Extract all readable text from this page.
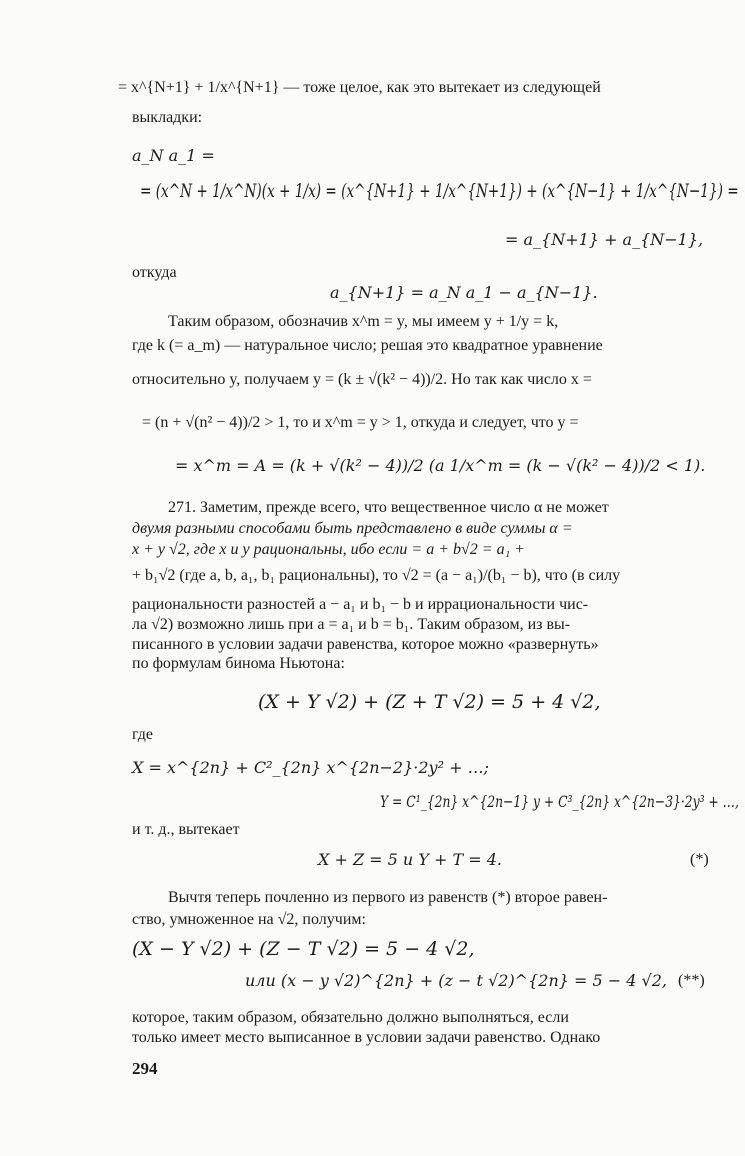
= x^{N+1} + 1/x^{N+1} — тоже целое, как это вытекает из следующей
выкладки:
a_N a_1 =
= (x^N + 1/x^N)(x + 1/x) = (x^{N+1} + 1/x^{N+1}) + (x^{N−1} + 1/x^{N−1}) =
= a_{N+1} + a_{N−1},
откуда
a_{N+1} = a_N a_1 − a_{N−1}.
Таким образом, обозначив x^m = y, мы имеем y + 1/y = k,
где k (= a_m) — натуральное число; решая это квадратное уравнение
относительно y, получаем y = (k ± √(k² − 4))/2. Но так как число x =
= (n + √(n² − 4))/2 > 1, то и x^m = y > 1, откуда и следует, что y =
= x^m = A = (k + √(k² − 4))/2 (а 1/x^m = (k − √(k² − 4))/2 < 1).
271. Заметим, прежде всего, что вещественное число α не может
двумя разными способами быть представлено в виде суммы α =
x + y √2, где x и y рациональны, ибо если = a + b√2 = a₁ +
+ b₁√2 (где a, b, a₁, b₁ рациональны), то √2 = (a − a₁)/(b₁ − b), что (в силу
рациональности разностей a − a₁ и b₁ − b и иррациональности чис-
ла √2) возможно лишь при a = a₁ и b = b₁. Таким образом, из вы-
писанного в условии задачи равенства, которое можно «развернуть»
по формулам бинома Ньютона:
(X + Y √2) + (Z + T √2) = 5 + 4 √2,
где
X = x^{2n} + C²_{2n} x^{2n−2}·2y² + …;
Y = C¹_{2n} x^{2n−1} y + C³_{2n} x^{2n−3}·2y³ + …,
и т. д., вытекает
X + Z = 5 и Y + T = 4.	(*)
Вычтя теперь почленно из первого из равенств (*) второе равен-
ство, умноженное на √2, получим:
(X − Y √2) + (Z − T √2) = 5 − 4 √2,
или (x − y √2)^{2n} + (z − t √2)^{2n} = 5 − 4 √2, (**)
которое, таким образом, обязательно должно выполняться, если
только имеет место выписанное в условии задачи равенство. Однако
294
